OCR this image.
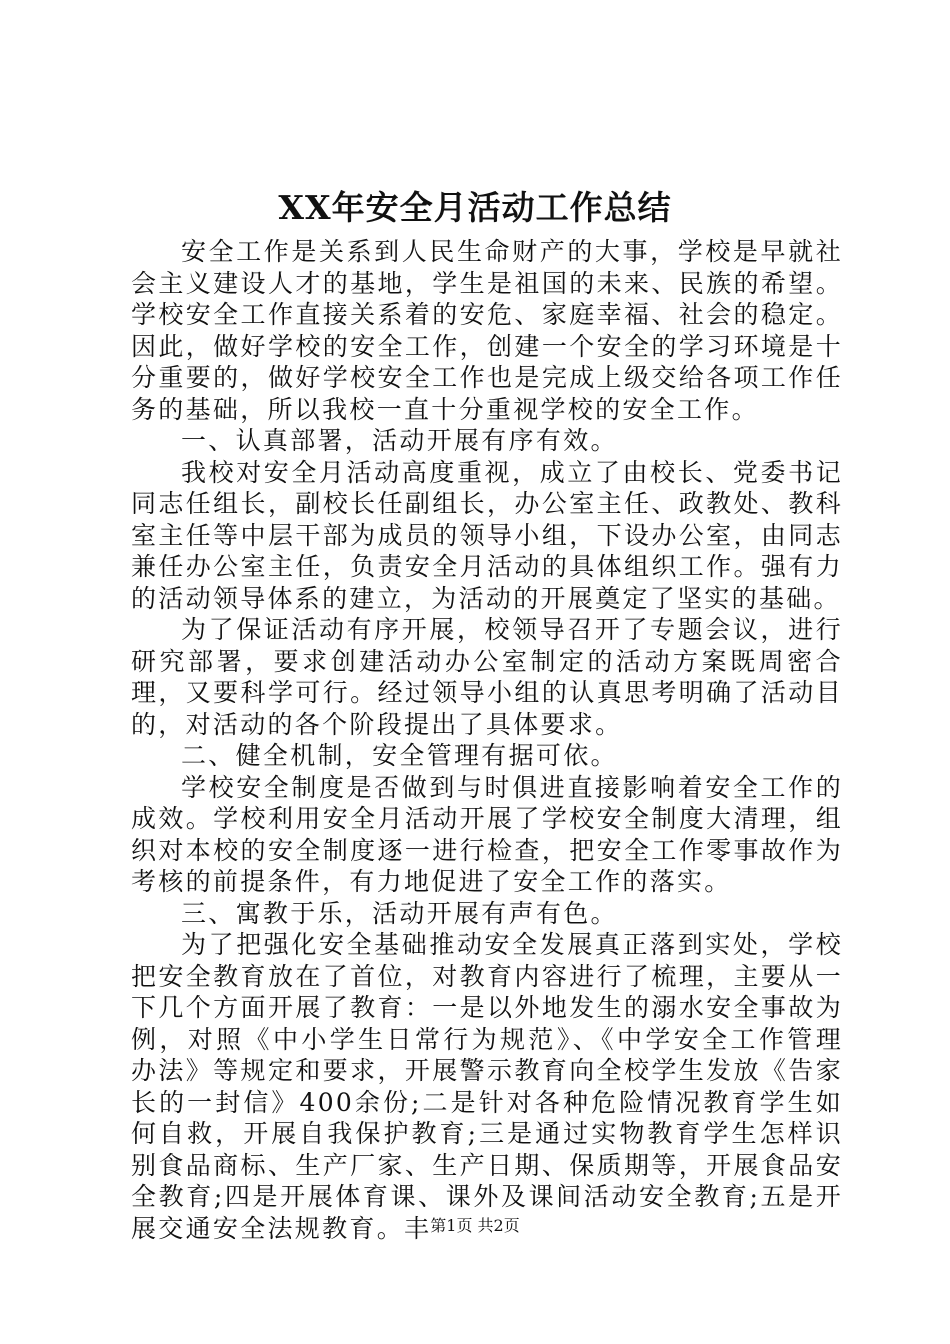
XX年安全月活动工作总结

安全工作是关系到人民生命财产的大事，学校是早就社会主义建设人才的基地，学生是祖国的未来、民族的希望。学校安全工作直接关系着的安危、家庭幸福、社会的稳定。因此，做好学校的安全工作，创建一个安全的学习环境是十分重要的，做好学校安全工作也是完成上级交给各项工作任务的基础，所以我校一直十分重视学校的安全工作。

一、认真部署，活动开展有序有效。

我校对安全月活动高度重视，成立了由校长、党委书记同志任组长，副校长任副组长，办公室主任、政教处、教科室主任等中层干部为成员的领导小组，下设办公室，由同志兼任办公室主任，负责安全月活动的具体组织工作。强有力的活动领导体系的建立，为活动的开展奠定了坚实的基础。

为了保证活动有序开展，校领导召开了专题会议，进行研究部署，要求创建活动办公室制定的活动方案既周密合理，又要科学可行。经过领导小组的认真思考明确了活动目的，对活动的各个阶段提出了具体要求。

二、健全机制，安全管理有据可依。

学校安全制度是否做到与时俱进直接影响着安全工作的成效。学校利用安全月活动开展了学校安全制度大清理，组织对本校的安全制度逐一进行检查，把安全工作零事故作为考核的前提条件，有力地促进了安全工作的落实。

三、寓教于乐，活动开展有声有色。

为了把强化安全基础推动安全发展真正落到实处，学校把安全教育放在了首位，对教育内容进行了梳理，主要从一下几个方面开展了教育：一是以外地发生的溺水安全事故为例，对照《中小学生日常行为规范》、《中学安全工作管理办法》等规定和要求，开展警示教育向全校学生发放《告家长的一封信》400余份;二是针对各种危险情况教育学生如何自救，开展自我保护教育;三是通过实物教育学生怎样识别食品商标、生产厂家、生产日期、保质期等，开展食品安全教育;四是开展体育课、课外及课间活动安全教育;五是开展交通安全法规教育。丰

第1页 共2页
